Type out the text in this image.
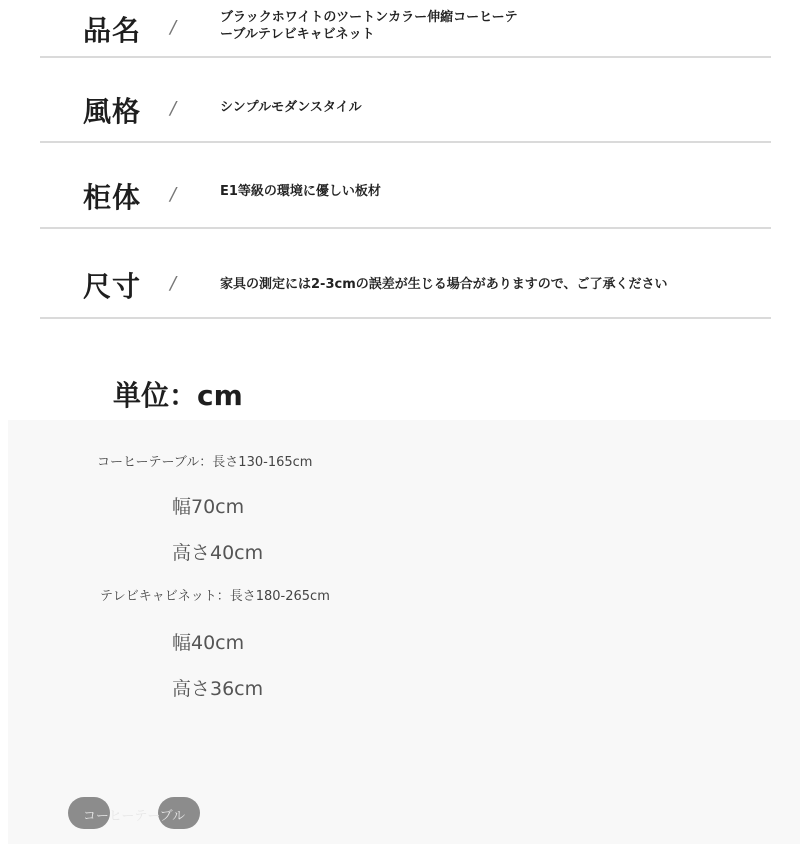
品名 /	ブラックホワイトのツートンカラー伸縮コーヒーテ
ーブルテレビキャビネット
風格 /	シンプルモダンスタイル
柜体 /	E1等級の環境に優しい板材
尺寸 /	家具の測定には2-3cmの誤差が生じる場合がありますので、ご了承ください
単位：cm
コーヒーテーブル：長さ130-165cm
幅70cm
高さ40cm
テレビキャビネット：長さ180-265cm
幅40cm
高さ36cm
コーヒーテーブル
